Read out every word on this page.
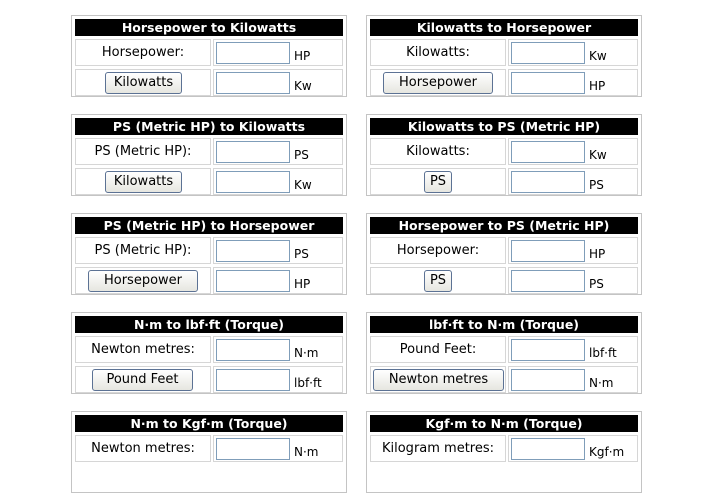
Horsepower to Kilowatts
Horsepower:	HP
Kilowatts	Kw
Kilowatts to Horsepower
Kilowatts:	Kw
Horsepower	HP
PS (Metric HP) to Kilowatts
PS (Metric HP):	PS
Kilowatts	Kw
Kilowatts to PS (Metric HP)
Kilowatts:	Kw
PS	PS
PS (Metric HP) to Horsepower
PS (Metric HP):	PS
Horsepower	HP
Horsepower to PS (Metric HP)
Horsepower:	HP
PS	PS
N·m to lbf·ft (Torque)
Newton metres:	N·m
Pound Feet	lbf·ft
lbf·ft to N·m (Torque)
Pound Feet:	lbf·ft
Newton metres	N·m
N·m to Kgf·m (Torque)
Newton metres:	N·m
Kgf·m to N·m (Torque)
Kilogram metres:	Kgf·m
